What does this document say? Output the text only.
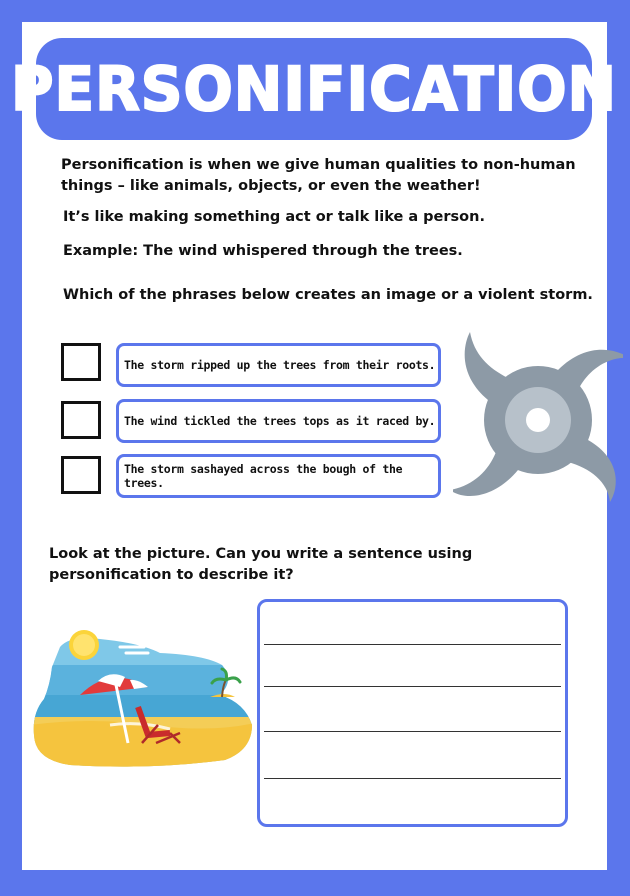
PERSONIFICATION

Personification is when we give human qualities to non-human things – like animals, objects, or even the weather!

It’s like making something act or talk like a person.

Example: The wind whispered through the trees.

Which of the phrases below creates an image or a violent storm.

The storm ripped up the trees from their roots.
The wind tickled the trees tops as it raced by.
The storm sashayed across the bough of the trees.

Look at the picture. Can you write a sentence using personification to describe it?
